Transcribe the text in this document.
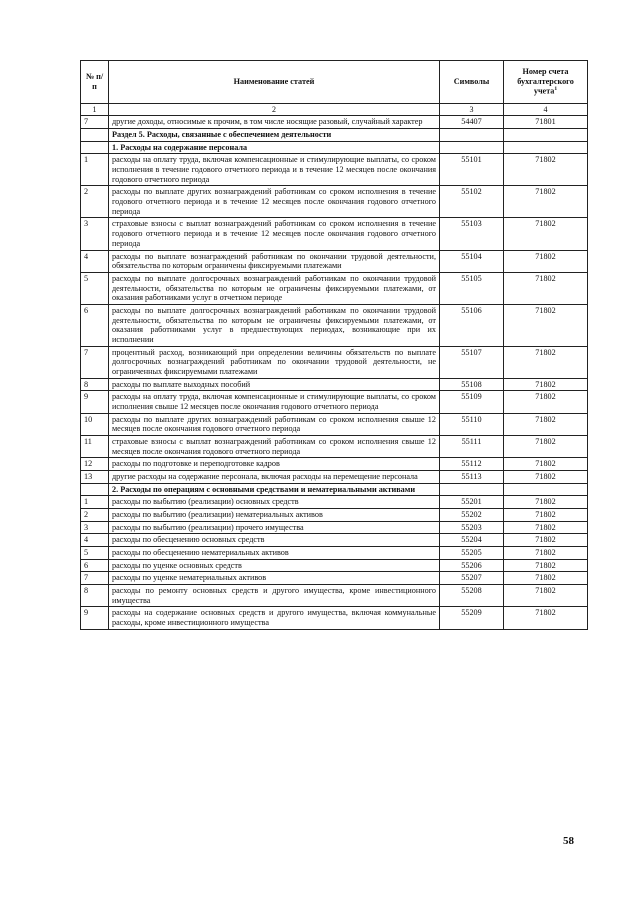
№ п/п	Наименование статей	Символы	Номер счета бухгалтерского учета$^1$
1	2	3	4
7	другие доходы, относимые к прочим, в том числе носящие разовый, случайный характер	54407	71801
	Раздел 5. Расходы, связанные с обеспечением деятельности		
	1. Расходы на содержание персонала		
1	расходы на оплату труда, включая компенсационные и стимулирующие выплаты, со сроком исполнения в течение годового отчетного периода и в течение 12 месяцев после окончания годового отчетного периода	55101	71802
2	расходы по выплате других вознаграждений работникам со сроком исполнения в течение годового отчетного периода и в течение 12 месяцев после окончания годового отчетного периода	55102	71802
3	страховые взносы с выплат вознаграждений работникам со сроком исполнения в течение годового отчетного периода и в течение 12 месяцев после окончания годового отчетного периода	55103	71802
4	расходы по выплате вознаграждений работникам по окончании трудовой деятельности, обязательства по которым ограничены фиксируемыми платежами	55104	71802
5	расходы по выплате долгосрочных вознаграждений работникам по окончании трудовой деятельности, обязательства по которым не ограничены фиксируемыми платежами, от оказания работниками услуг в отчетном периоде	55105	71802
6	расходы по выплате долгосрочных вознаграждений работникам по окончании трудовой деятельности, обязательства по которым не ограничены фиксируемыми платежами, от оказания работниками услуг в предшествующих периодах, возникающие при их исполнении	55106	71802
7	процентный расход, возникающий при определении величины обязательств по выплате долгосрочных вознаграждений работникам по окончании трудовой деятельности, не ограниченных фиксируемыми платежами	55107	71802
8	расходы по выплате выходных пособий	55108	71802
9	расходы на оплату труда, включая компенсационные и стимулирующие выплаты, со сроком исполнения свыше 12 месяцев после окончания годового отчетного периода	55109	71802
10	расходы по выплате других вознаграждений работникам со сроком исполнения свыше 12 месяцев после окончания годового отчетного периода	55110	71802
11	страховые взносы с выплат вознаграждений работникам со сроком исполнения свыше 12 месяцев после окончания годового отчетного периода	55111	71802
12	расходы по подготовке и переподготовке кадров	55112	71802
13	другие расходы на содержание персонала, включая расходы на перемещение персонала	55113	71802
	2. Расходы по операциям с основными средствами и нематериальными активами		
1	расходы по выбытию (реализации) основных средств	55201	71802
2	расходы по выбытию (реализации) нематериальных активов	55202	71802
3	расходы по выбытию (реализации) прочего имущества	55203	71802
4	расходы по обесценению основных средств	55204	71802
5	расходы по обесценению нематериальных активов	55205	71802
6	расходы по уценке основных средств	55206	71802
7	расходы по уценке нематериальных активов	55207	71802
8	расходы по ремонту основных средств и другого имущества, кроме инвестиционного имущества	55208	71802
9	расходы на содержание основных средств и другого имущества, включая коммунальные расходы, кроме инвестиционного имущества	55209	71802
58
